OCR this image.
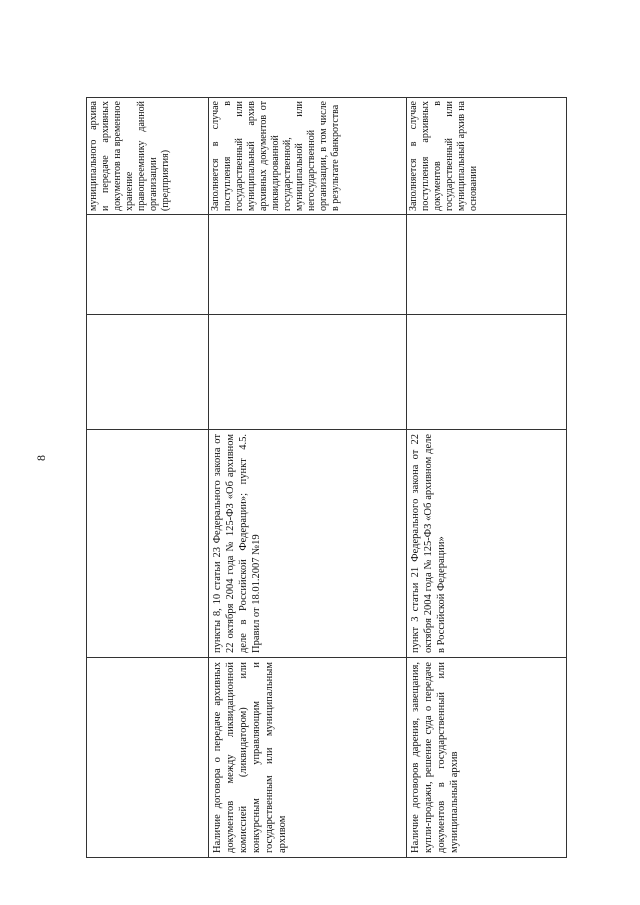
8
				муниципального архива и передаче архивных документов на временное хранение правопреемнику данной организации (предприятия)
Наличие договора о передаче архивных документов между ликвидационной комиссией (ликвидатором) или конкурсным управляющим и государственным или муниципальным архивом	пункты 8, 10 статьи 23 Федерального закона от 22 октября 2004 года № 125-ФЗ «Об архивном деле в Российской Федерации»; пункт 4.5. Правил от 18.01.2007 №19			Заполняется в случае поступления в государственный или муниципальный архив архивных документов от ликвидированной государственной, муниципальной или негосударственной организации, в том числе в результате банкротства
Наличие договоров дарения, завещания, купли-продажи, решение суда о передаче документов в государственный или муниципальный архив	пункт 3 статьи 21 Федерального закона от 22 октября 2004 года № 125-ФЗ «Об архивном деле в Российской Федерации»			Заполняется в случае поступления архивных документов в государственный или муниципальный архив на основании
